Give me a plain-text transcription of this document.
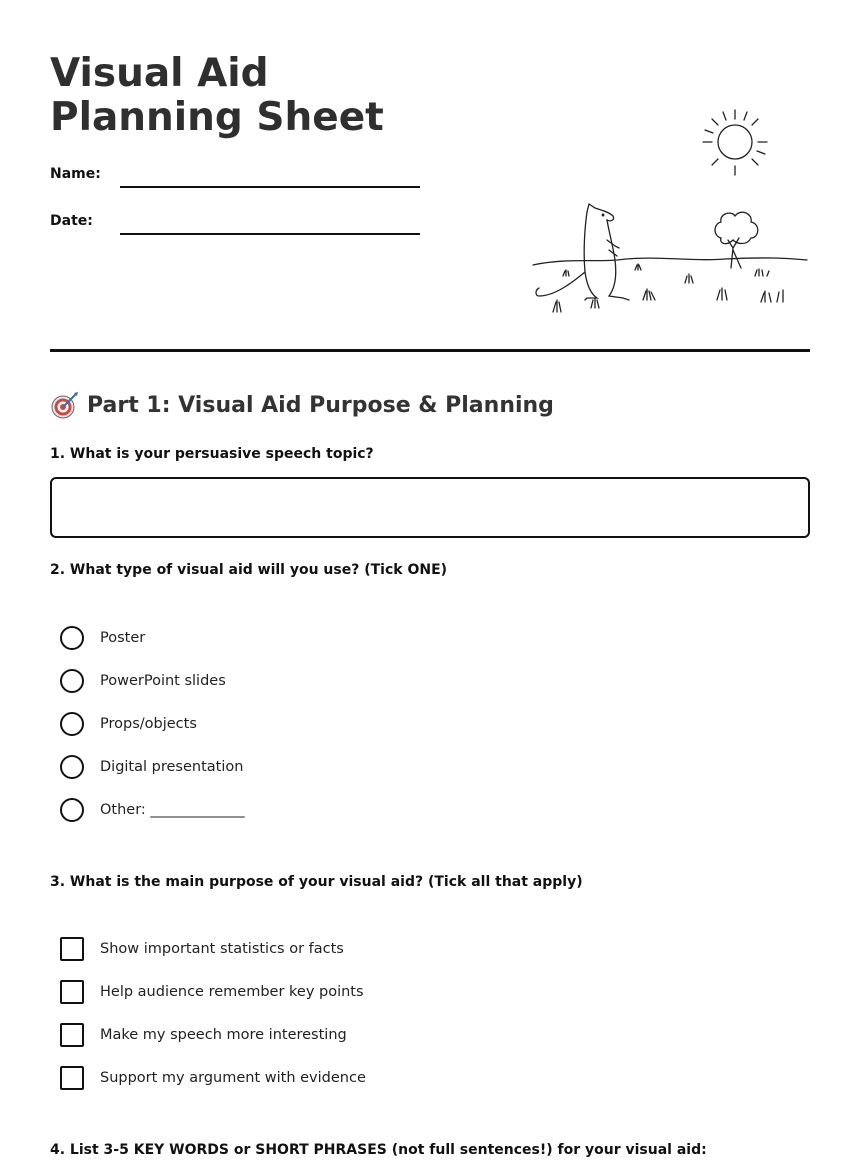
Visual Aid Planning Sheet
Name:
Date:
Part 1: Visual Aid Purpose & Planning

1. What is your persuasive speech topic?

2. What type of visual aid will you use? (Tick ONE)

Poster
PowerPoint slides
Props/objects
Digital presentation
Other: _____________

3. What is the main purpose of your visual aid? (Tick all that apply)

Show important statistics or facts
Help audience remember key points
Make my speech more interesting
Support my argument with evidence

4. List 3-5 KEY WORDS or SHORT PHRASES (not full sentences!) for your visual aid:
